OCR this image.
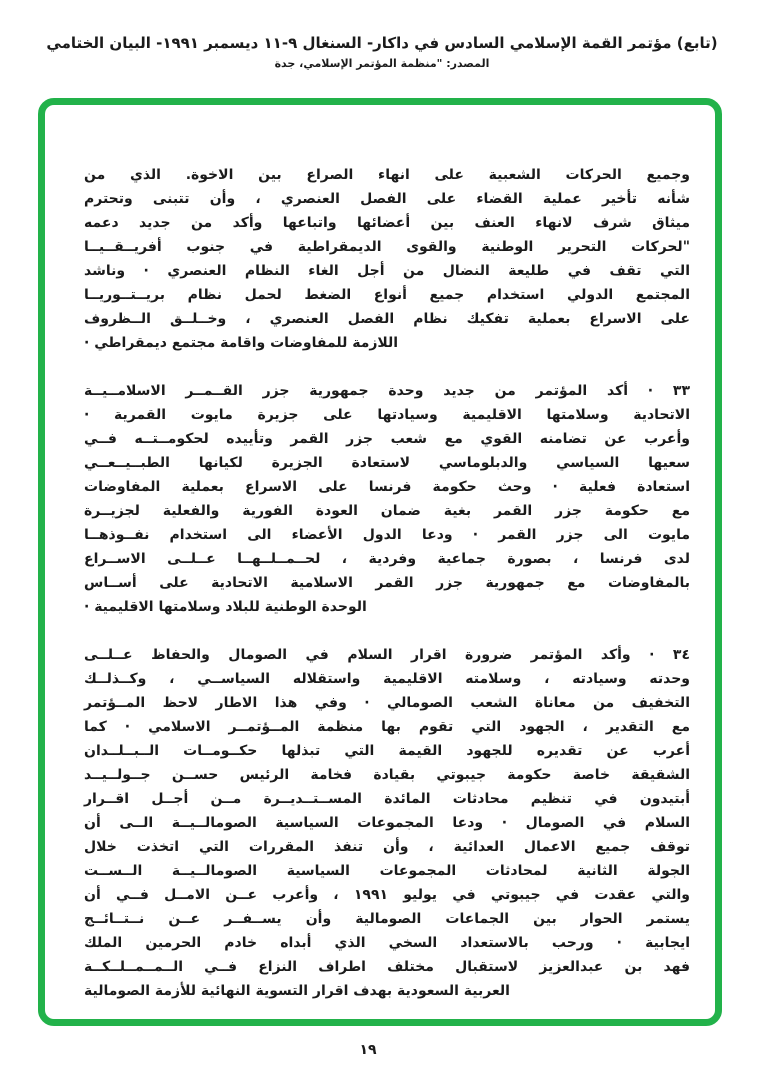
(تابع) مؤتمر القمة الإسلامي السادس في داكار- السنغال ٩-١١ ديسمبر ١٩٩١- البيان الختامي
المصدر: "منظمة المؤتمر الإسلامي، جدة
وجميع الحركات الشعبية على انهاء الصراع بين الاخوة. الذي من
شأنه تأخير عملية القضاء على الفصل العنصري ، وأن تتبنى وتحترم
ميثاق شرف لانهاء العنف بين أعضائها واتباعها وأكد من جديد دعمه
"لحركات التحرير الوطنية والقوى الديمقراطية في جنوب أفريــقــيــا
التي تقف في طليعة النضال من أجل الغاء النظام العنصري · وناشد
المجتمع الدولي استخدام جميع أنواع الضغط لحمل نظام بريــتــوريــا
على الاسراع بعملية تفكيك نظام الفصل العنصري ، وخــلــق الــظروف
اللازمة للمفاوضات واقامة مجتمع ديمقراطي ·
٣٣ · أكد المؤتمر من جديد وحدة جمهورية جزر القــمــر الاسلامــيــة
الاتحادية وسلامتها الاقليمية وسيادتها على جزيرة مايوت القمرية ·
وأعرب عن تضامنه القوي مع شعب جزر القمر وتأييده لحكومــتــه فــي
سعيها السياسي والدبلوماسي لاستعادة الجزيرة لكيانها الطبــيــعــي
استعادة فعلية · وحث حكومة فرنسا على الاسراع بعملية المفاوضات
مع حكومة جزر القمر بغية ضمان العودة الفورية والفعلية لجزيــرة
مايوت الى جزر القمر · ودعا الدول الأعضاء الى استخدام نفــوذهــا
لدى فرنسا ، بصورة جماعية وفردية ، لحــمــلــهــا عــلــى الاســراع
بالمفاوضات مع جمهورية جزر القمر الاسلامية الاتحادية على أســاس
الوحدة الوطنية للبلاد وسلامتها الاقليمية ·
٣٤ · وأكد المؤتمر ضرورة اقرار السلام في الصومال والحفاظ عــلــى
وحدته وسيادته ، وسلامته الاقليمية واستقلاله السياســي ، وكــذلــك
التخفيف من معاناة الشعب الصومالي · وفي هذا الاطار لاحظ المــؤتمر
مع التقدير ، الجهود التي تقوم بها منظمة المــؤتمــر الاسلامي · كما
أعرب عن تقديره للجهود القيمة التي تبذلها حكــومــات الــبــلــدان
الشقيقة خاصة حكومة جيبوتي بقيادة فخامة الرئيس حســن جــولــيــد
أبتيدون في تنظيم محادثات المائدة المســتــديــرة مــن أجــل اقــرار
السلام في الصومال · ودعا المجموعات السياسية الصومالــيــة الــى أن
توقف جميع الاعمال العدائية ، وأن تنفذ المقررات التي اتخذت خلال
الجولة الثانية لمحادثات المجموعات السياسية الصومالــيــة الــســت
والتي عقدت في جيبوتي في يوليو ١٩٩١ ، وأعرب عــن الامــل فــي أن
يستمر الحوار بين الجماعات الصومالية وأن يســفــر عــن نــتــائــج
ايجابية · ورحب بالاستعداد السخي الذي أبداه خادم الحرمين الملك
فهد بن عبدالعزيز لاستقبال مختلف اطراف النزاع فــي الــمــمــلــكــة
العربية السعودية بهدف اقرار التسوية النهائية للأزمة الصومالية
١٩
